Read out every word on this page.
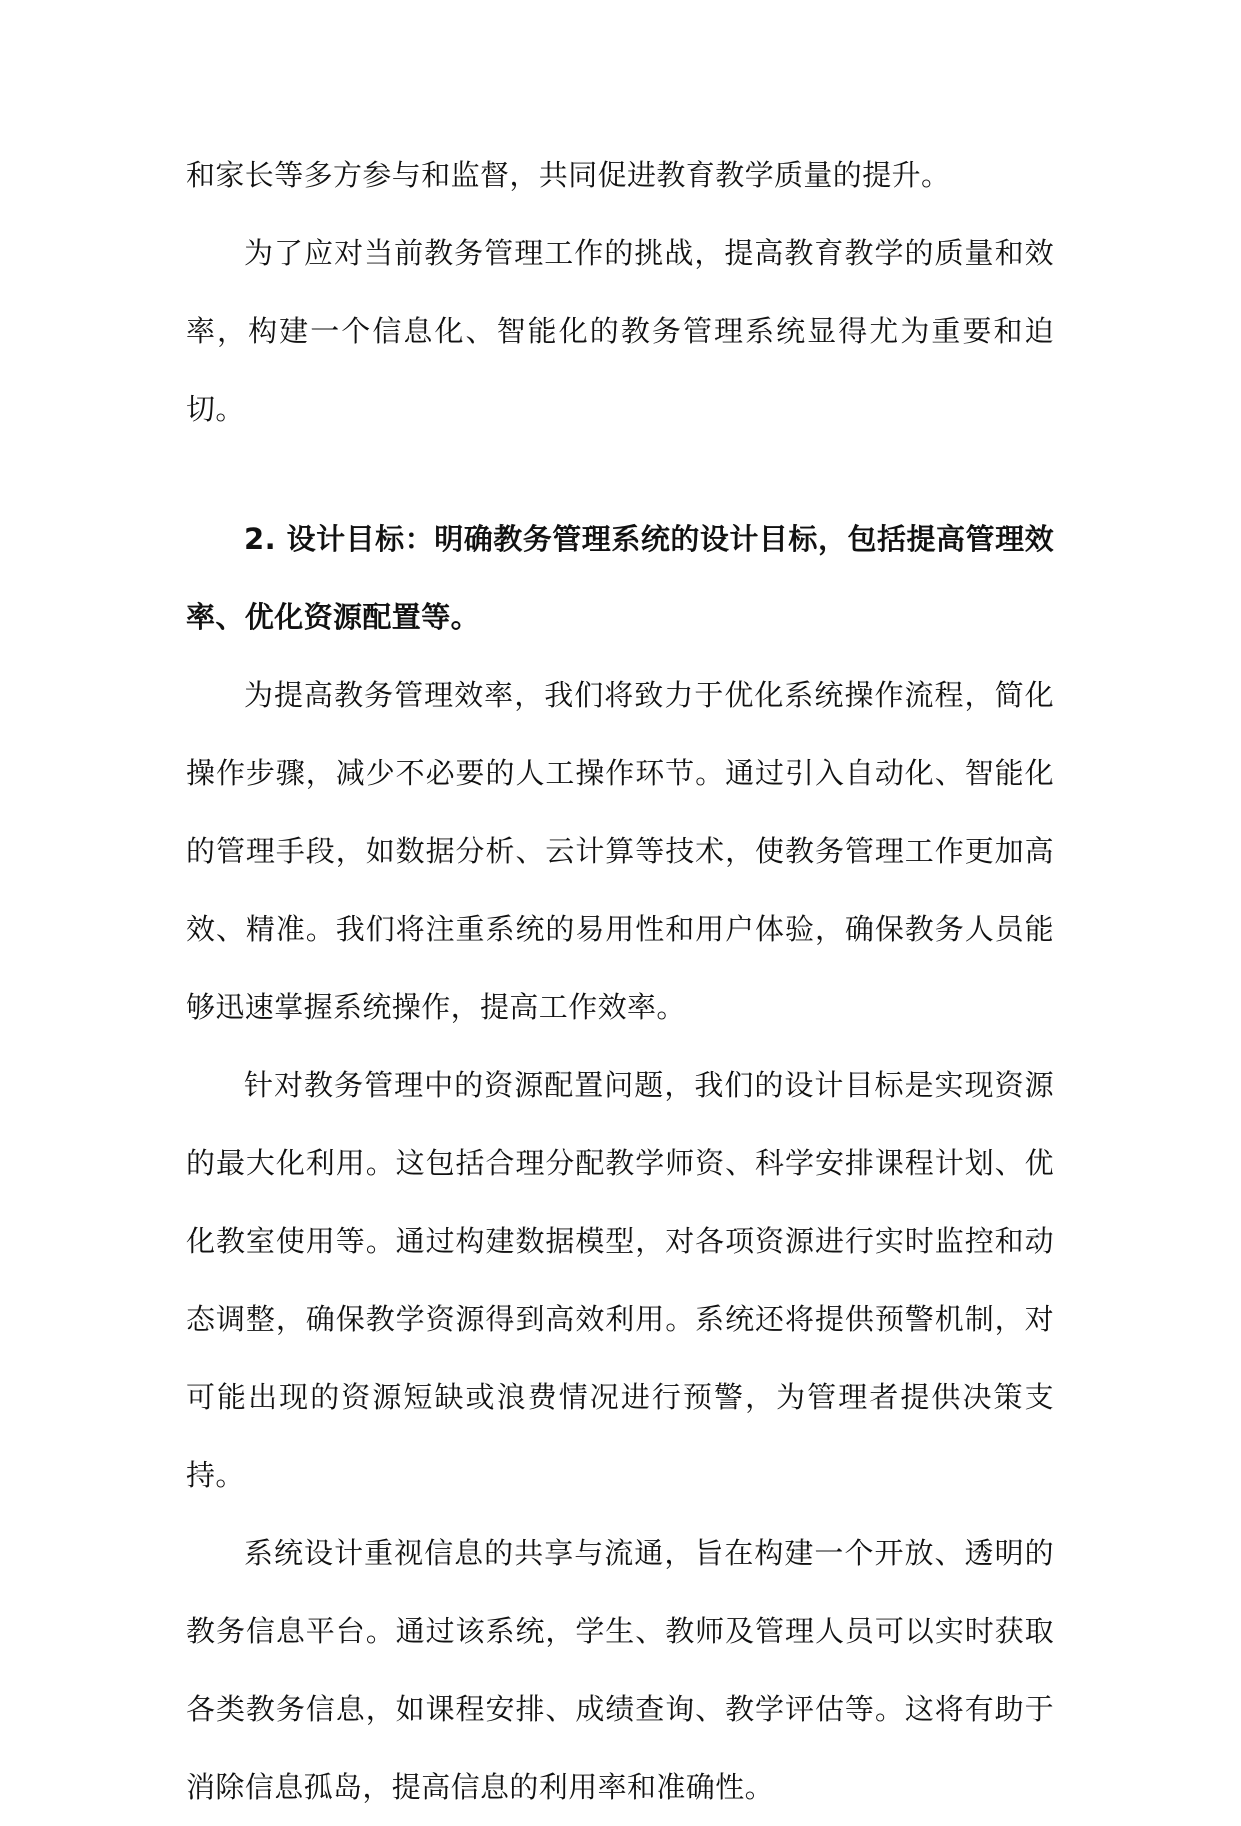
和家长等多方参与和监督，共同促进教育教学质量的提升。

为了应对当前教务管理工作的挑战，提高教育教学的质量和效率，构建一个信息化、智能化的教务管理系统显得尤为重要和迫切。

2. 设计目标：明确教务管理系统的设计目标，包括提高管理效率、优化资源配置等。

为提高教务管理效率，我们将致力于优化系统操作流程，简化操作步骤，减少不必要的人工操作环节。通过引入自动化、智能化的管理手段，如数据分析、云计算等技术，使教务管理工作更加高效、精准。我们将注重系统的易用性和用户体验，确保教务人员能够迅速掌握系统操作，提高工作效率。

针对教务管理中的资源配置问题，我们的设计目标是实现资源的最大化利用。这包括合理分配教学师资、科学安排课程计划、优化教室使用等。通过构建数据模型，对各项资源进行实时监控和动态调整，确保教学资源得到高效利用。系统还将提供预警机制，对可能出现的资源短缺或浪费情况进行预警，为管理者提供决策支持。

系统设计重视信息的共享与流通，旨在构建一个开放、透明的教务信息平台。通过该系统，学生、教师及管理人员可以实时获取各类教务信息，如课程安排、成绩查询、教学评估等。这将有助于消除信息孤岛，提高信息的利用率和准确性。
